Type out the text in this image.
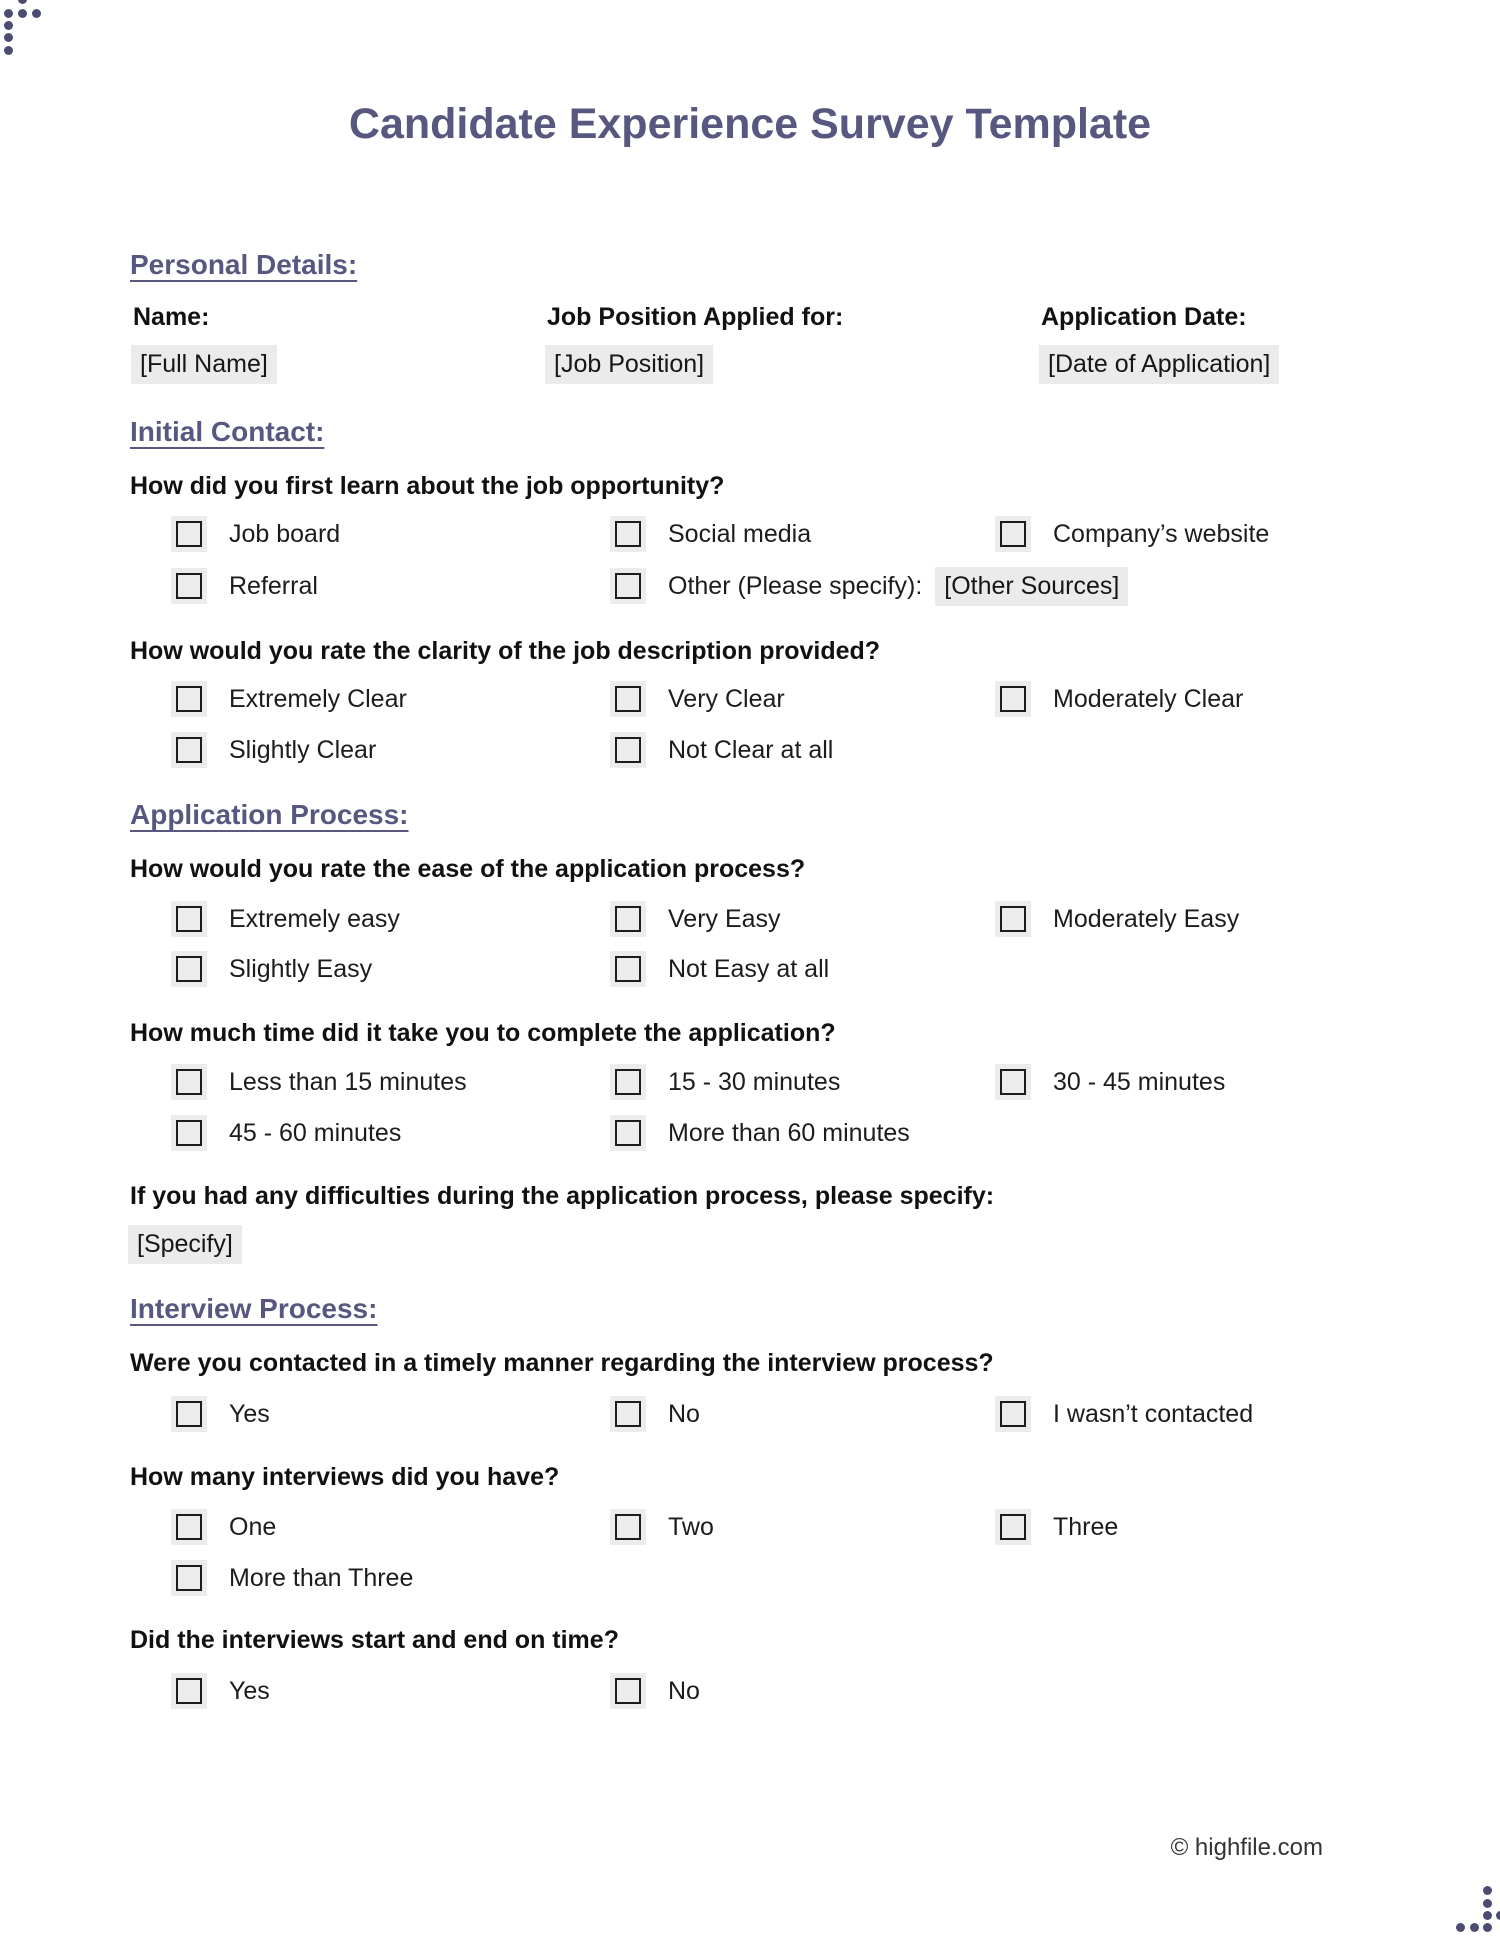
Candidate Experience Survey Template
Personal Details:
Name:	Job Position Applied for:	Application Date:
[Full Name]	[Job Position]	[Date of Application]
Initial Contact:
How did you first learn about the job opportunity?
Job board	Social media	Company’s website
Referral	Other (Please specify): [Other Sources]
How would you rate the clarity of the job description provided?
Extremely Clear	Very Clear	Moderately Clear
Slightly Clear	Not Clear at all
Application Process:
How would you rate the ease of the application process?
Extremely easy	Very Easy	Moderately Easy
Slightly Easy	Not Easy at all
How much time did it take you to complete the application?
Less than 15 minutes	15 - 30 minutes	30 - 45 minutes
45 - 60 minutes	More than 60 minutes
If you had any difficulties during the application process, please specify:
[Specify]
Interview Process:
Were you contacted in a timely manner regarding the interview process?
Yes	No	I wasn’t contacted
How many interviews did you have?
One	Two	Three
More than Three
Did the interviews start and end on time?
Yes	No
© highfile.com
